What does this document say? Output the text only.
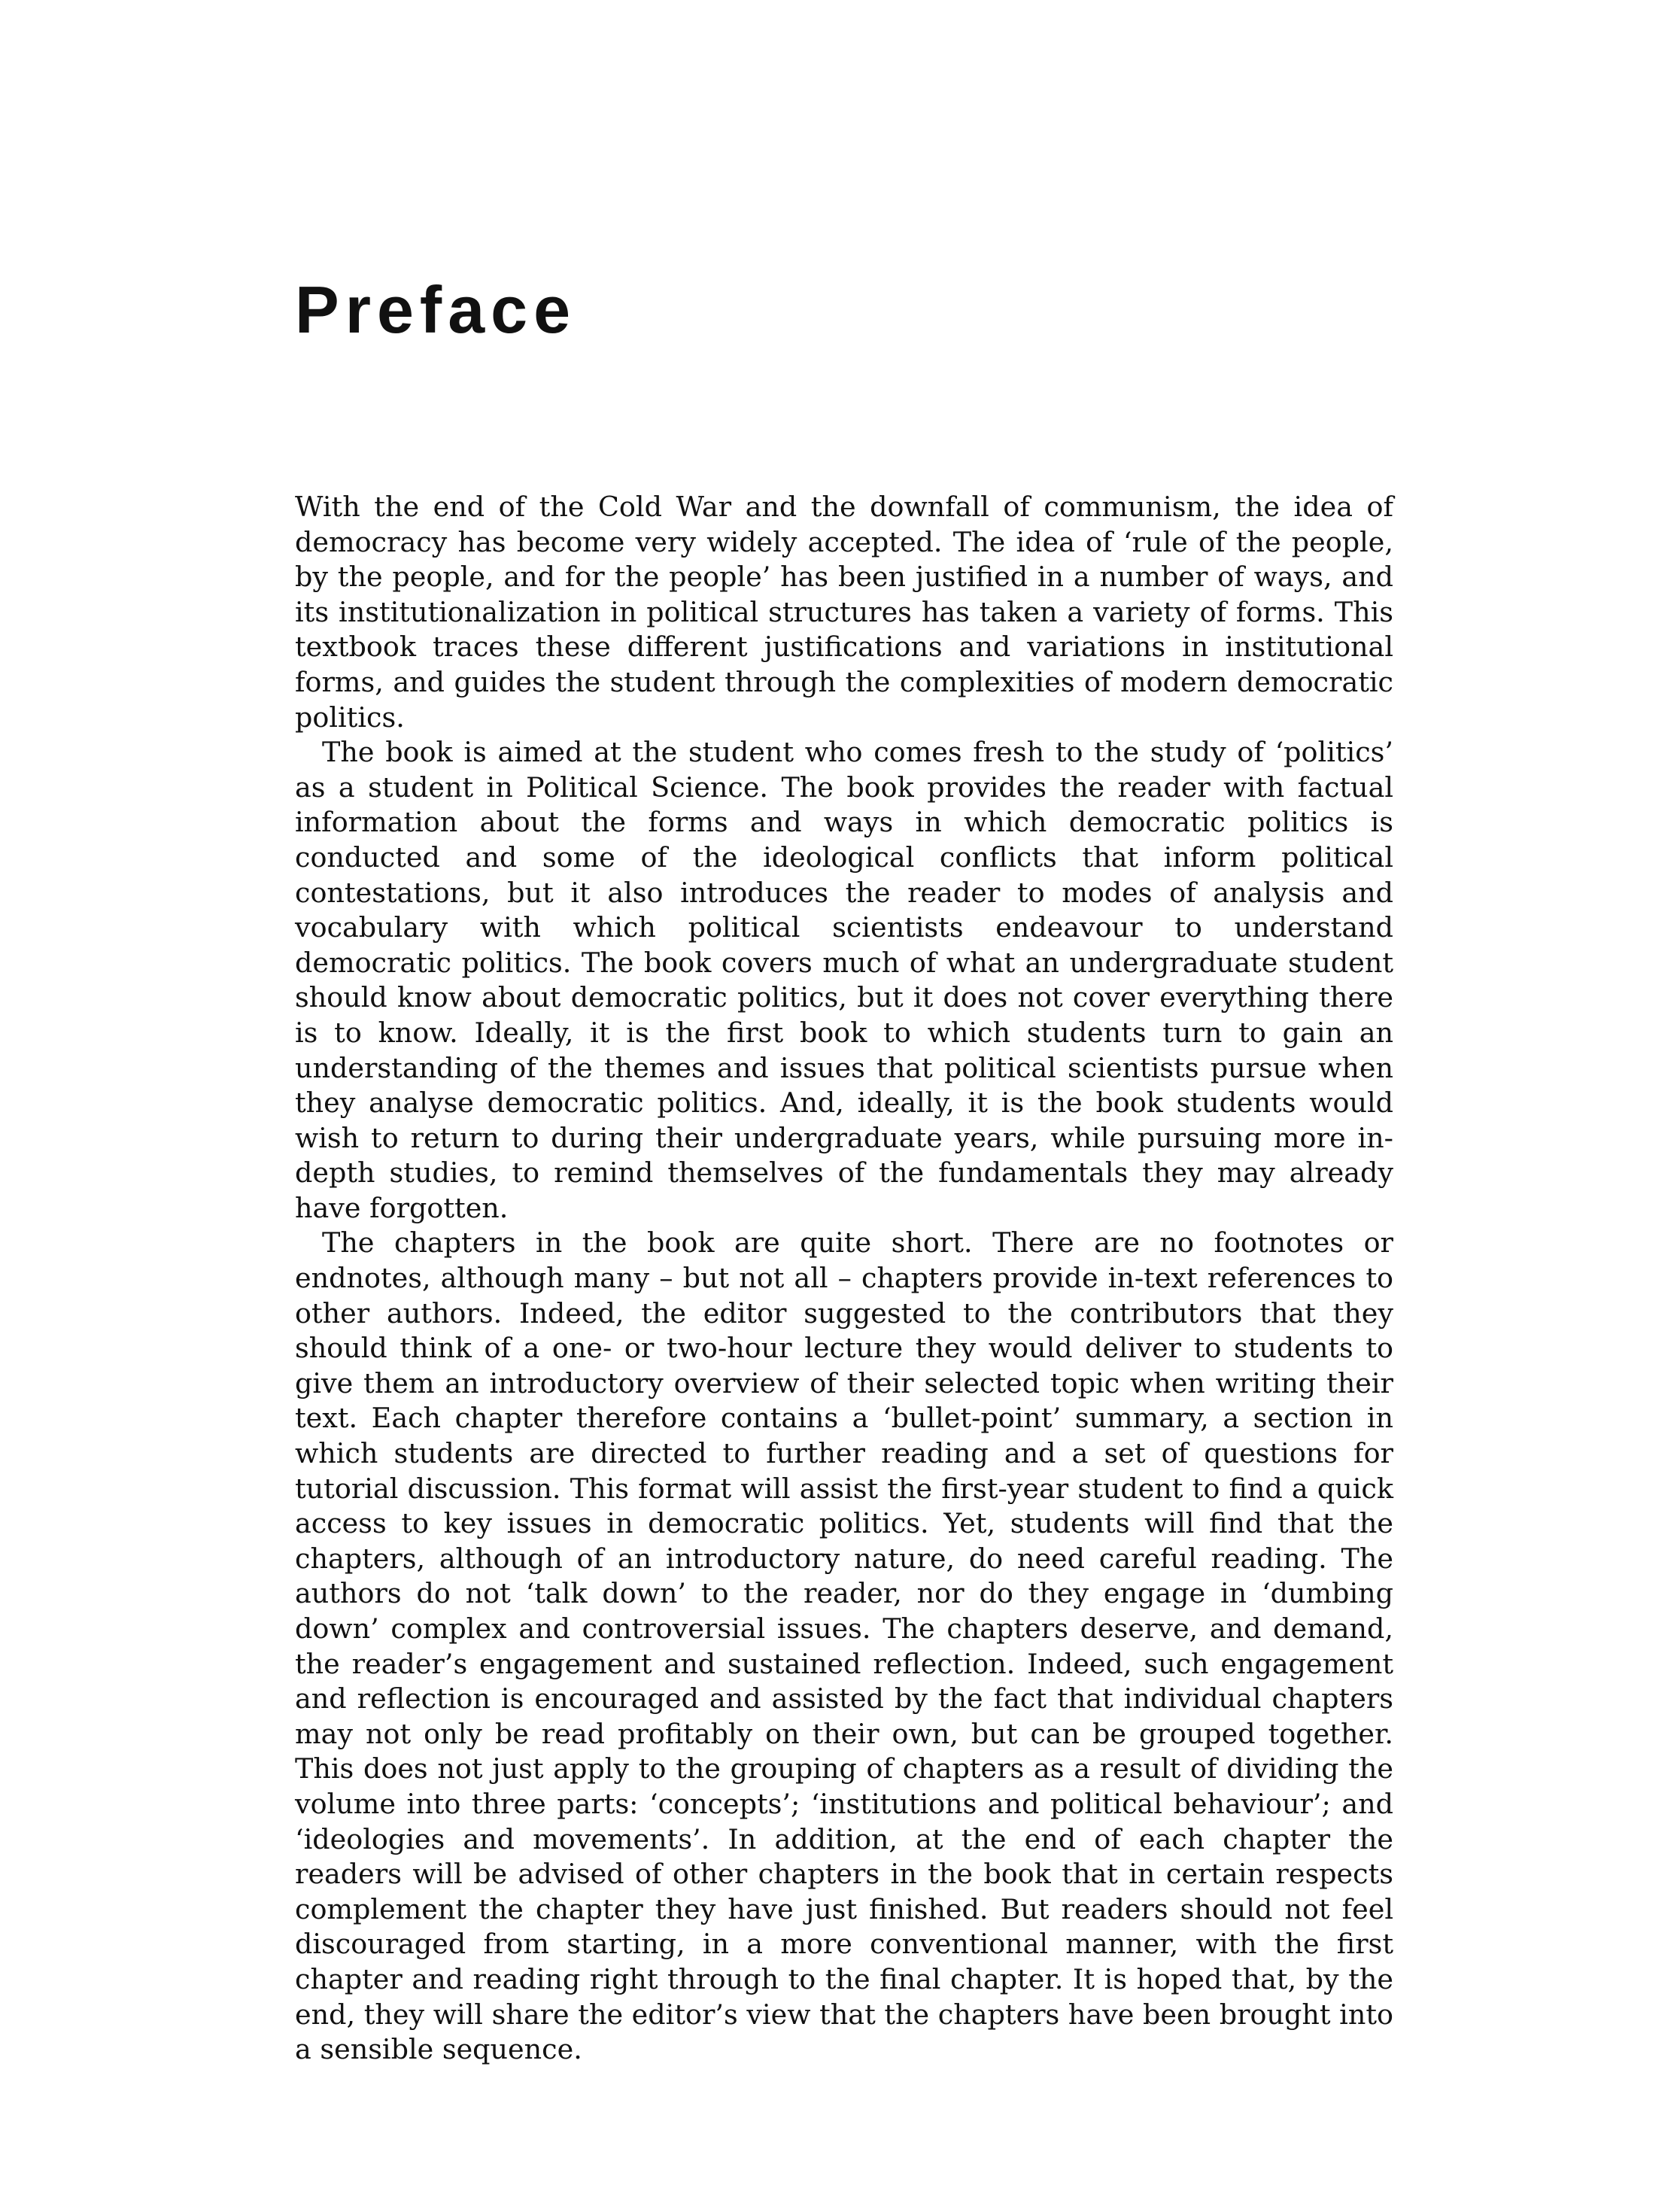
Preface

With the end of the Cold War and the downfall of communism, the idea of democracy has become very widely accepted. The idea of ‘rule of the people, by the people, and for the people’ has been justified in a number of ways, and its institutionalization in political structures has taken a variety of forms. This textbook traces these different justifications and variations in institutional forms, and guides the student through the complexities of modern democratic politics.

The book is aimed at the student who comes fresh to the study of ‘politics’ as a student in Political Science. The book provides the reader with factual information about the forms and ways in which democratic politics is conducted and some of the ideological conflicts that inform political contestations, but it also introduces the reader to modes of analysis and vocabulary with which political scientists endeavour to understand democratic politics. The book covers much of what an undergraduate student should know about democratic politics, but it does not cover everything there is to know. Ideally, it is the first book to which students turn to gain an understanding of the themes and issues that political scientists pursue when they analyse democratic politics. And, ideally, it is the book students would wish to return to during their undergraduate years, while pursuing more in-depth studies, to remind themselves of the fundamentals they may already have forgotten.

The chapters in the book are quite short. There are no footnotes or endnotes, although many – but not all – chapters provide in-text references to other authors. Indeed, the editor suggested to the contributors that they should think of a one- or two-hour lecture they would deliver to students to give them an introductory overview of their selected topic when writing their text. Each chapter therefore contains a ‘bullet-point’ summary, a section in which students are directed to further reading and a set of questions for tutorial discussion. This format will assist the first-year student to find a quick access to key issues in democratic politics. Yet, students will find that the chapters, although of an introductory nature, do need careful reading. The authors do not ‘talk down’ to the reader, nor do they engage in ‘dumbing down’ complex and controversial issues. The chapters deserve, and demand, the reader’s engagement and sustained reflection. Indeed, such engagement and reflection is encouraged and assisted by the fact that individual chapters may not only be read profitably on their own, but can be grouped together. This does not just apply to the grouping of chapters as a result of dividing the volume into three parts: ‘concepts’; ‘institutions and political behaviour’; and ‘ideologies and movements’. In addition, at the end of each chapter the readers will be advised of other chapters in the book that in certain respects complement the chapter they have just finished. But readers should not feel discouraged from starting, in a more conventional manner, with the first chapter and reading right through to the final chapter. It is hoped that, by the end, they will share the editor’s view that the chapters have been brought into a sensible sequence.
